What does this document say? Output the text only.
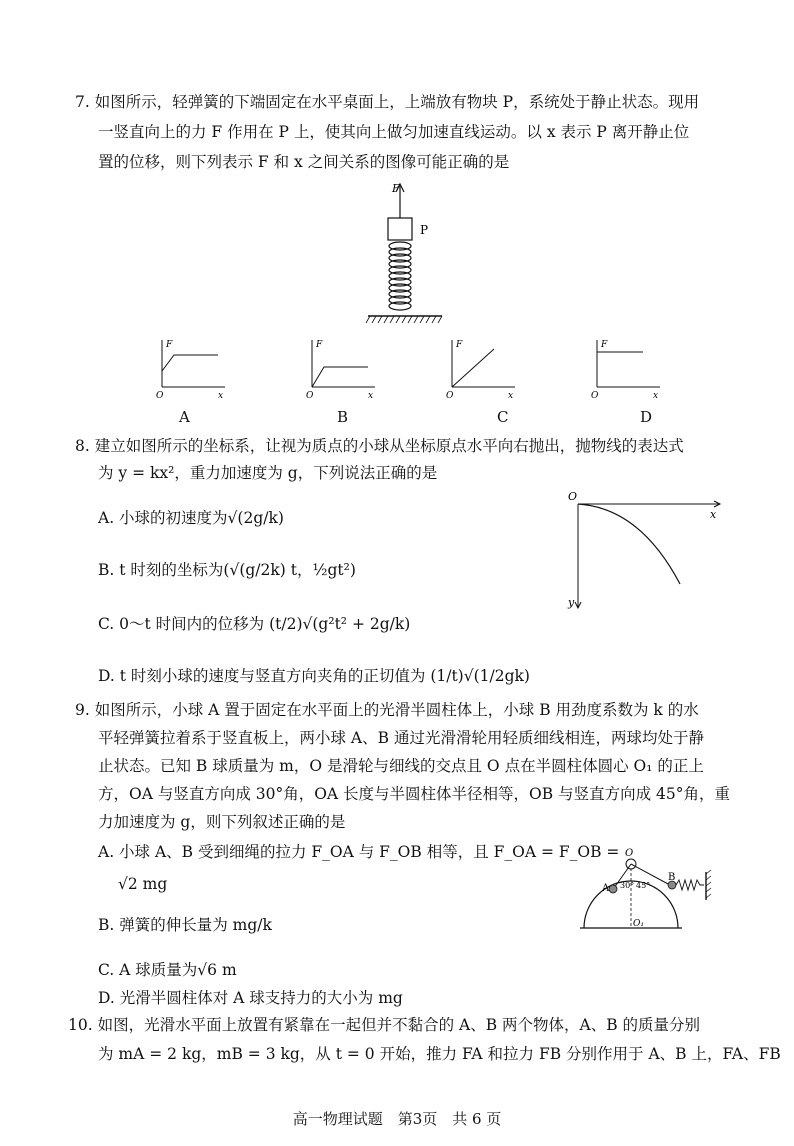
7. 如图所示，轻弹簧的下端固定在水平桌面上，上端放有物块 P，系统处于静止状态。现用
一竖直向上的力 F 作用在 P 上，使其向上做匀加速直线运动。以 x 表示 P 离开静止位
置的位移，则下列表示 F 和 x 之间关系的图像可能正确的是
F
P
F
O	x
F
O	x
F
O	x
F
O	x
A	B	C	D
8. 建立如图所示的坐标系，让视为质点的小球从坐标原点水平向右抛出，抛物线的表达式
为 y = kx²，重力加速度为 g，下列说法正确的是
A. 小球的初速度为√(2g/k)
B. t 时刻的坐标为(√(g/2k) t，½gt²)
C. 0～t 时间内的位移为 (t/2)√(g²t² + 2g/k)
D. t 时刻小球的速度与竖直方向夹角的正切值为 (1/t)√(1/2gk)
O
x
y
9. 如图所示，小球 A 置于固定在水平面上的光滑半圆柱体上，小球 B 用劲度系数为 k 的水
平轻弹簧拉着系于竖直板上，两小球 A、B 通过光滑滑轮用轻质细线相连，两球均处于静
止状态。已知 B 球质量为 m，O 是滑轮与细线的交点且 O 点在半圆柱体圆心 O₁ 的正上
方，OA 与竖直方向成 30°角，OA 长度与半圆柱体半径相等，OB 与竖直方向成 45°角，重
力加速度为 g，则下列叙述正确的是
A. 小球 A、B 受到细绳的拉力 F_OA 与 F_OB 相等，且 F_OA = F_OB =
√2 mg
B. 弹簧的伸长量为 mg/k
C. A 球质量为√6 m
D. 光滑半圆柱体对 A 球支持力的大小为 mg
O
A
B
30° 45°
O₁
10. 如图，光滑水平面上放置有紧靠在一起但并不黏合的 A、B 两个物体，A、B 的质量分别
为 mA = 2 kg，mB = 3 kg，从 t = 0 开始，推力 FA 和拉力 FB 分别作用于 A、B 上，FA、FB
高一物理试题　第3页　共 6 页
